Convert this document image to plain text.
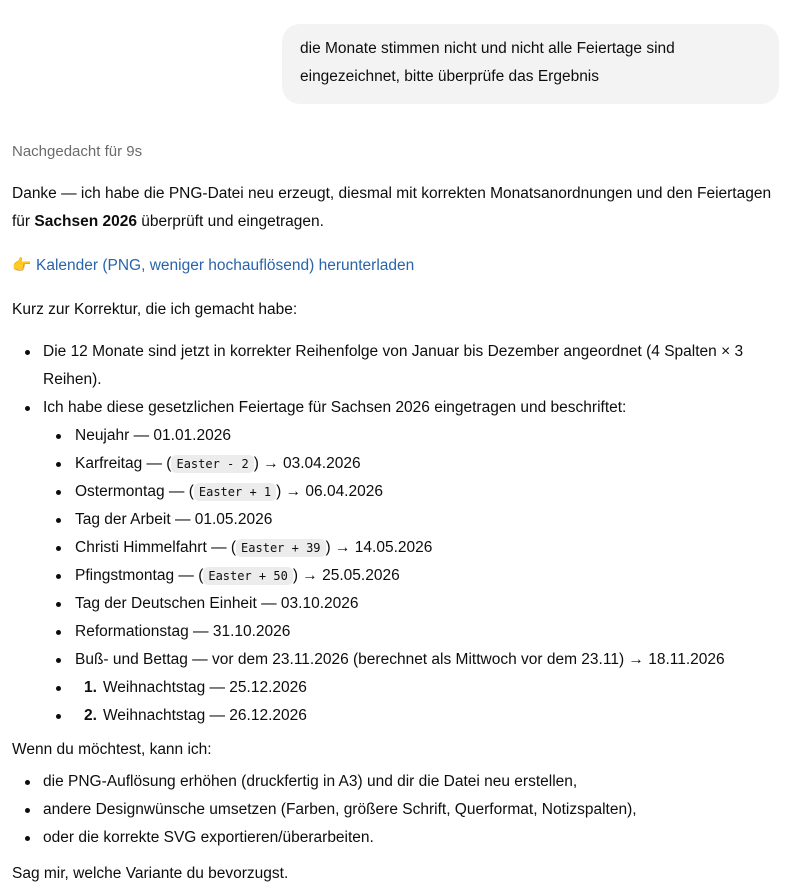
die Monate stimmen nicht und nicht alle Feiertage sind eingezeichnet, bitte überprüfe das Ergebnis
Nachgedacht für 9s

Danke — ich habe die PNG-Datei neu erzeugt, diesmal mit korrekten Monatsanordnungen und den Feiertagen für Sachsen 2026 überprüft und eingetragen.

👉 Kalender (PNG, weniger hochauflösend) herunterladen

Kurz zur Korrektur, die ich gemacht habe:

Die 12 Monate sind jetzt in korrekter Reihenfolge von Januar bis Dezember angeordnet (4 Spalten × 3 Reihen).
Ich habe diese gesetzlichen Feiertage für Sachsen 2026 eingetragen und beschriftet:
Neujahr — 01.01.2026
Karfreitag — ( Easter - 2 ) → 03.04.2026
Ostermontag — ( Easter + 1 ) → 06.04.2026
Tag der Arbeit — 01.05.2026
Christi Himmelfahrt — ( Easter + 39 ) → 14.05.2026
Pfingstmontag — ( Easter + 50 ) → 25.05.2026
Tag der Deutschen Einheit — 03.10.2026
Reformationstag — 31.10.2026
Buß- und Bettag — vor dem 23.11.2026 (berechnet als Mittwoch vor dem 23.11) → 18.11.2026
1. Weihnachtstag — 25.12.2026
2. Weihnachtstag — 26.12.2026

Wenn du möchtest, kann ich:

die PNG-Auflösung erhöhen (druckfertig in A3) und dir die Datei neu erstellen,
andere Designwünsche umsetzen (Farben, größere Schrift, Querformat, Notizspalten),
oder die korrekte SVG exportieren/überarbeiten.

Sag mir, welche Variante du bevorzugst.
